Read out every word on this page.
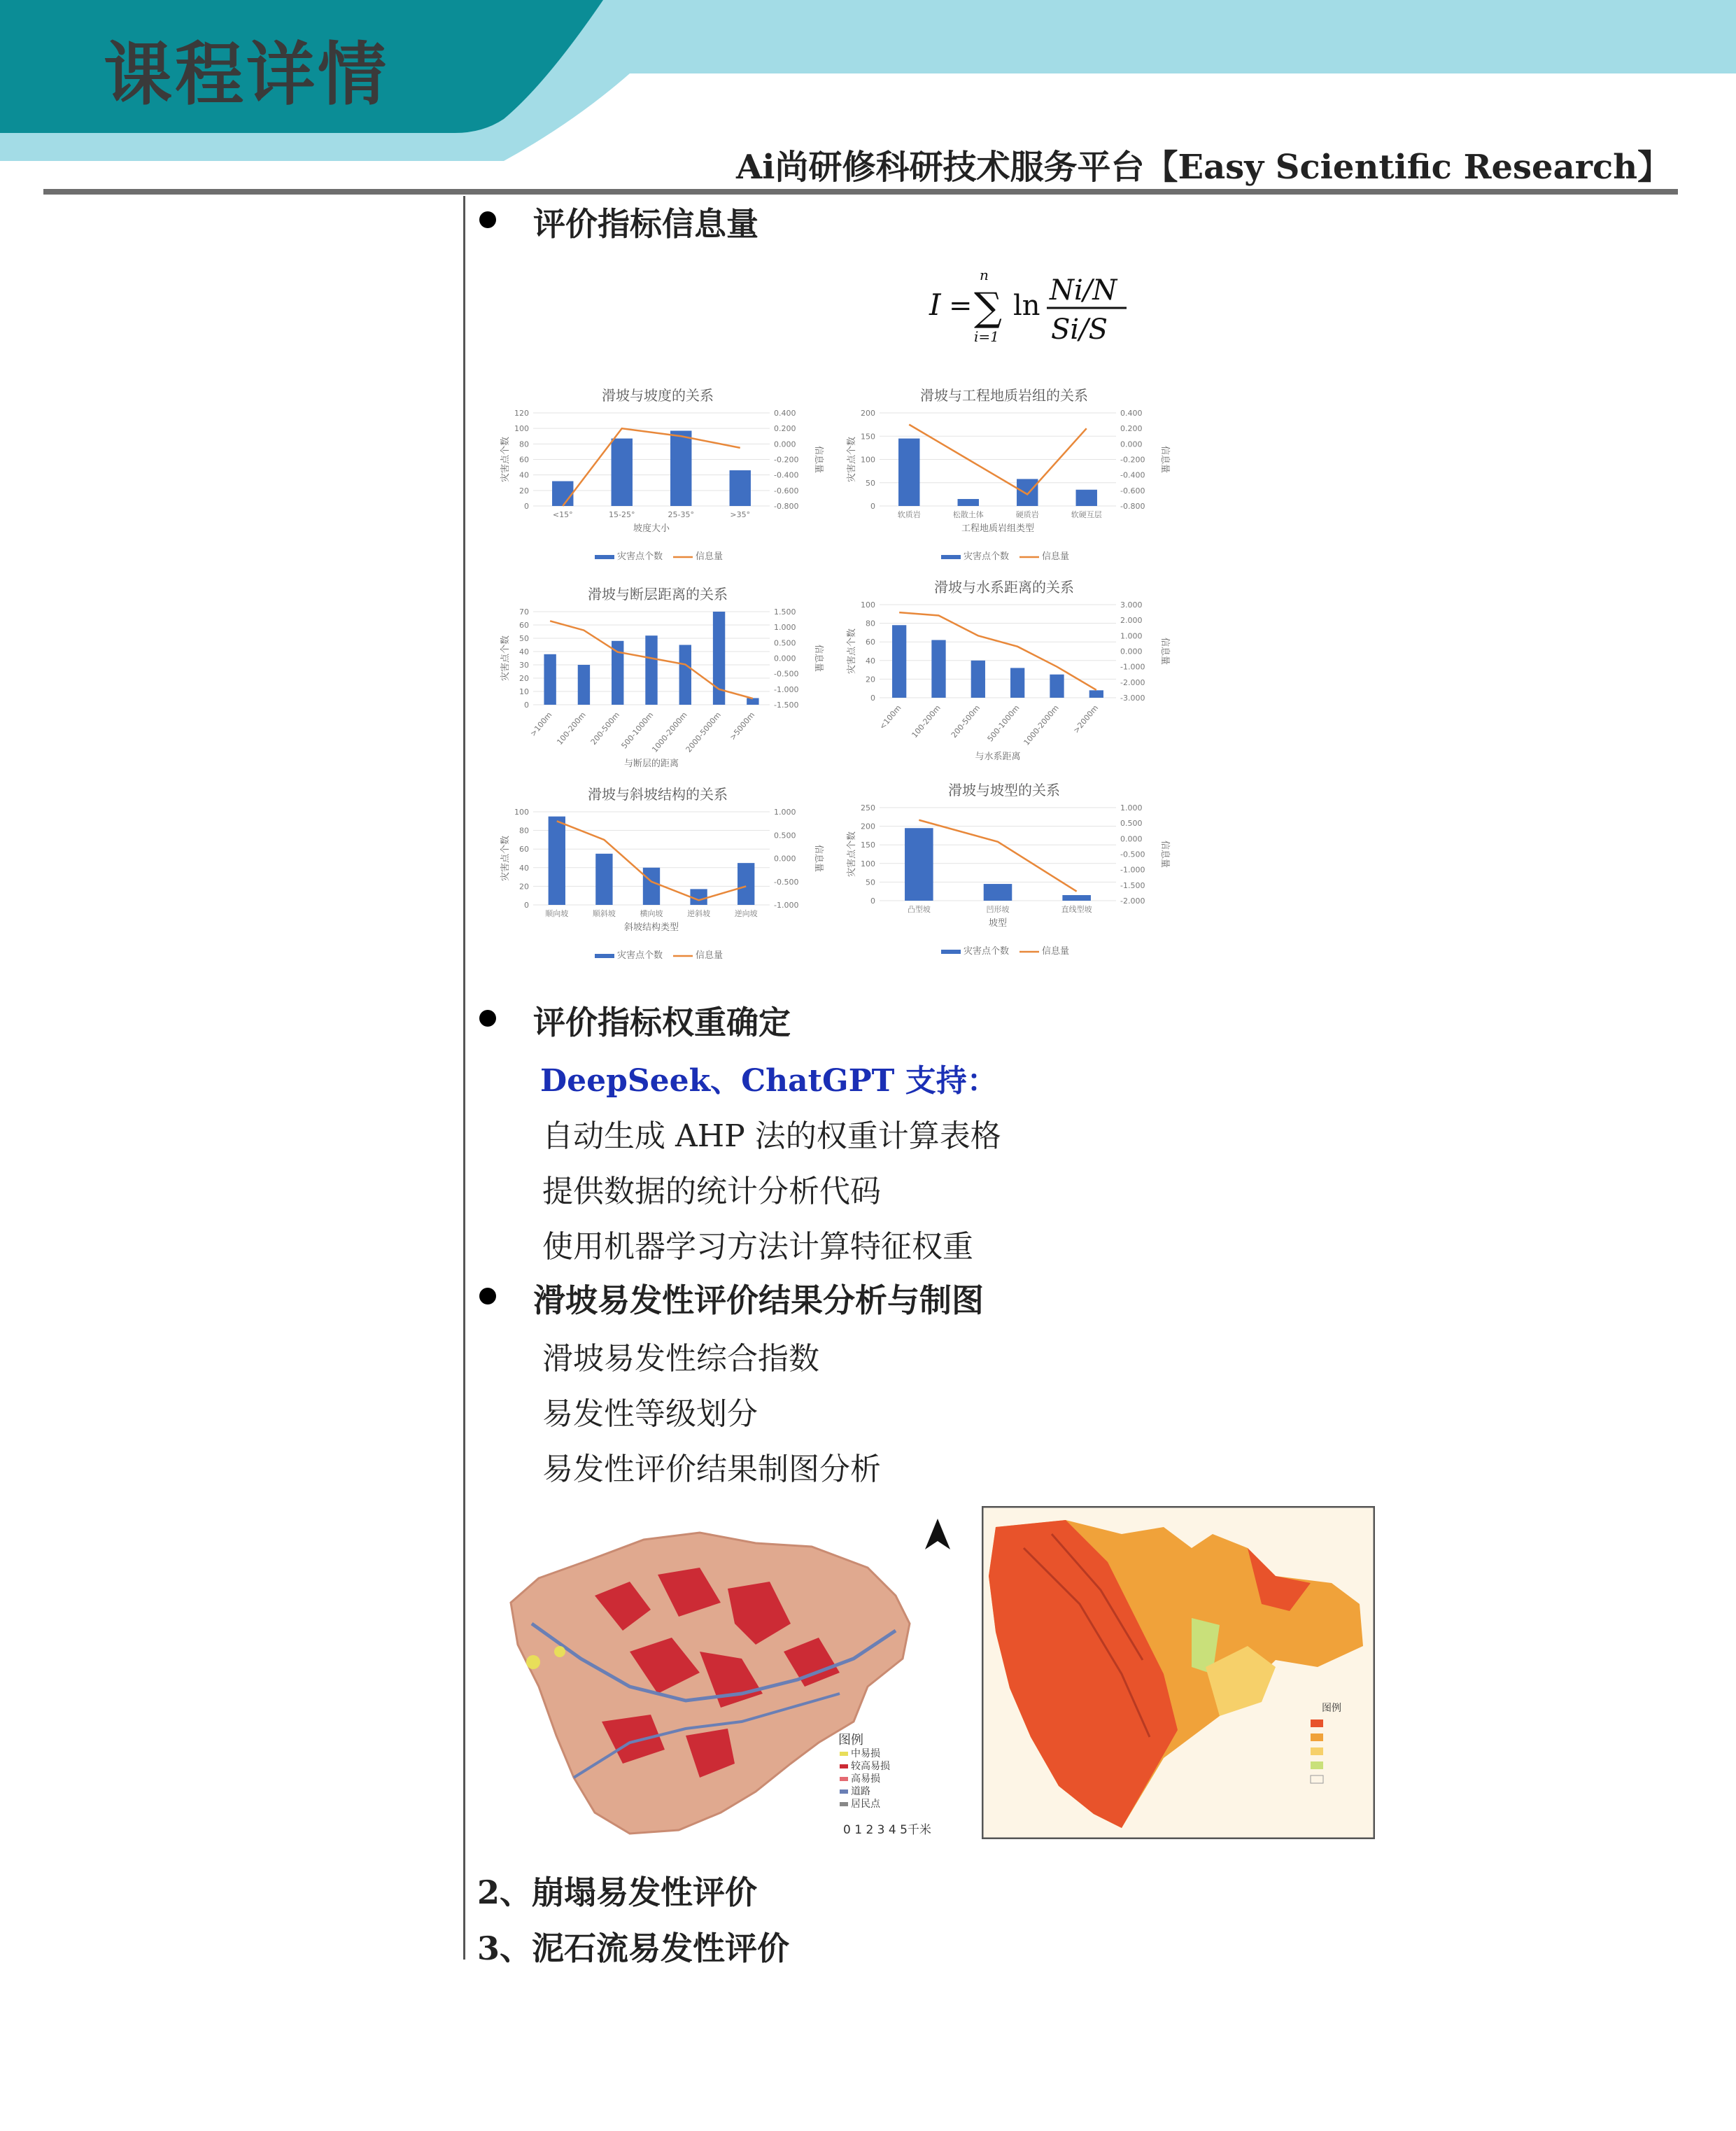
课程详情
Ai尚研修科研技术服务平台【Easy Scientific Research】
评价指标信息量
I =
n
∑
i=1
ln Ni/N
Si/S
滑坡与坡度的关系
120
100
80
60
40
20
0
0.400
0.200
0.000
-0.200
-0.400
-0.600
-0.800
灾害点个数	信息量
<15°	15-25°	25-35°	>35°
坡度大小
灾害点个数	信息量
滑坡与工程地质岩组的关系
200
150
100
50
0
0.400
0.200
0.000
-0.200
-0.400
-0.600
-0.800
灾害点个数	信息量
软质岩	松散土体	硬质岩	软硬互层
工程地质岩组类型
灾害点个数	信息量
滑坡与断层距离的关系
70
60
50
40
30
20
10
0
1.500
1.000
0.500
0.000
-0.500
-1.000
-1.500
灾害点个数	信息量
>100m 100-200m 200-500m
500-1000m
1000-2000m
2000-5000m >5000m
与断层的距离
滑坡与水系距离的关系
100
80
60
40
20
0
3.000
2.000
1.000
0.000
-1.000
-2.000
-3.000
灾害点个数	信息量
<100m 100-200m 200-500m 500-1000m 1000-2000m >2000m
与水系距离
滑坡与斜坡结构的关系
100
80
60
40
20
0
1.000
0.500
0.000
-0.500
-1.000
灾害点个数	信息量
顺向坡	顺斜坡	横向坡	逆斜坡	逆向坡
斜坡结构类型
灾害点个数	信息量
滑坡与坡型的关系
250
200
150
100
50
0
1.000
0.500
0.000
-0.500
-1.000
-1.500
-2.000
灾害点个数	信息量
凸型坡	凹形坡	直线型坡
坡型
灾害点个数	信息量
评价指标权重确定
DeepSeek、ChatGPT 支持：
自动生成 AHP 法的权重计算表格
提供数据的统计分析代码
使用机器学习方法计算特征权重
滑坡易发性评价结果分析与制图
滑坡易发性综合指数
易发性等级划分
易发性评价结果制图分析
图例
中易损
较高易损
高易损
道路
居民点
0 1 2 3 4 5千米
图例
2、崩塌易发性评价
3、泥石流易发性评价
